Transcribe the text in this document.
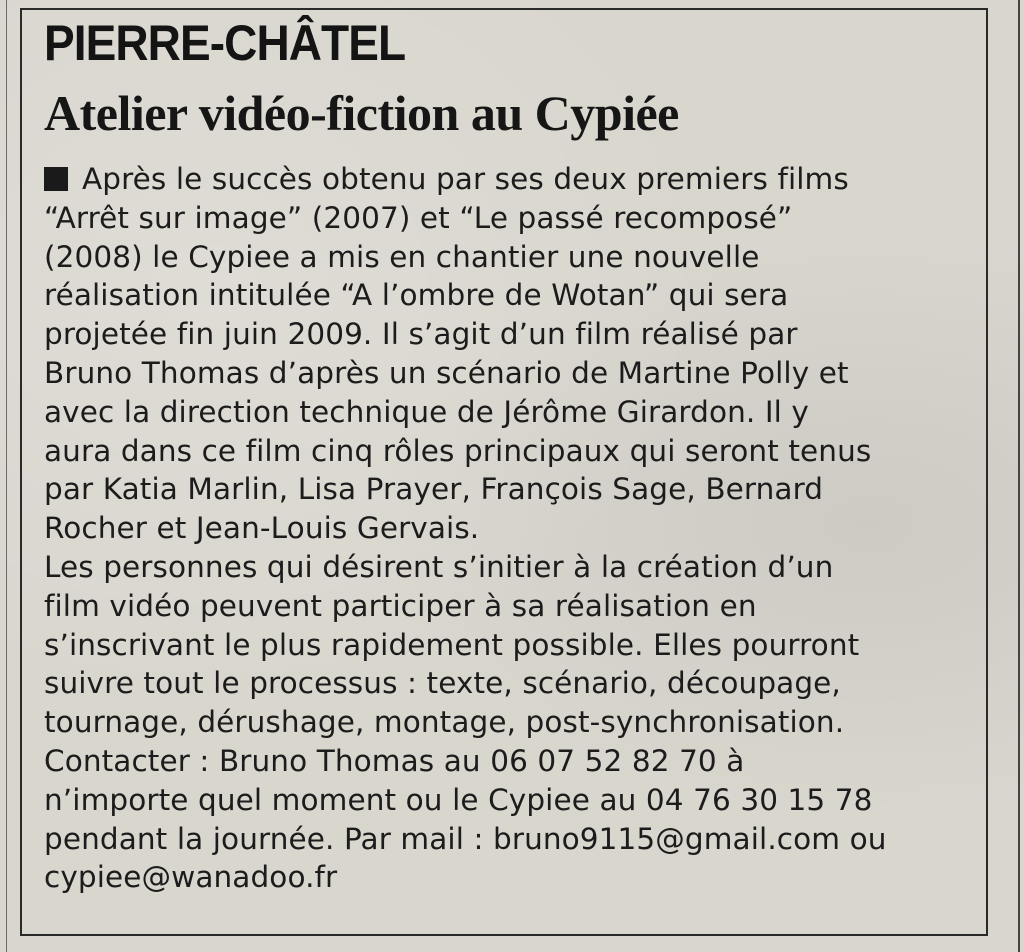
PIERRE-CHÂTEL
Atelier vidéo-fiction au Cypiée
Après le succès obtenu par ses deux premiers films
“Arrêt sur image” (2007) et “Le passé recomposé”
(2008) le Cypiee a mis en chantier une nouvelle
réalisation intitulée “A l’ombre de Wotan” qui sera
projetée fin juin 2009. Il s’agit d’un film réalisé par
Bruno Thomas d’après un scénario de Martine Polly et
avec la direction technique de Jérôme Girardon. Il y
aura dans ce film cinq rôles principaux qui seront tenus
par Katia Marlin, Lisa Prayer, François Sage, Bernard
Rocher et Jean-Louis Gervais.
Les personnes qui désirent s’initier à la création d’un
film vidéo peuvent participer à sa réalisation en
s’inscrivant le plus rapidement possible. Elles pourront
suivre tout le processus : texte, scénario, découpage,
tournage, dérushage, montage, post-synchronisation.
Contacter : Bruno Thomas au 06 07 52 82 70 à
n’importe quel moment ou le Cypiee au 04 76 30 15 78
pendant la journée. Par mail : bruno9115@gmail.com ou
cypiee@wanadoo.fr
